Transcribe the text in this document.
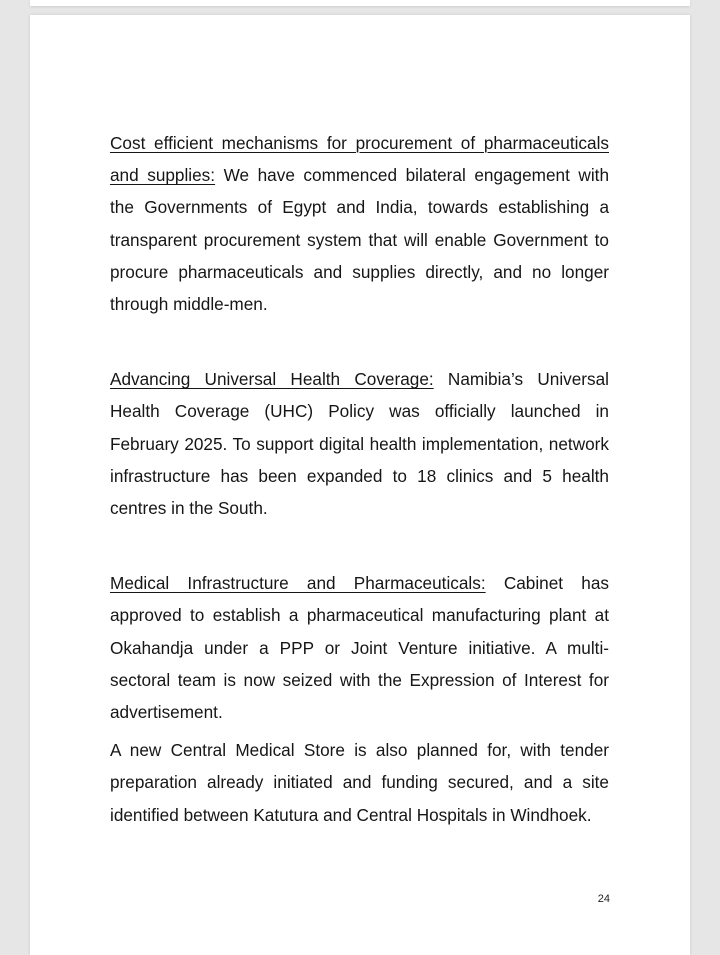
Cost efficient mechanisms for procurement of pharmaceuticals and supplies: We have commenced bilateral engagement with the Governments of Egypt and India, towards establishing a transparent procurement system that will enable Government to procure pharmaceuticals and supplies directly, and no longer through middle-men.

Advancing Universal Health Coverage: Namibia’s Universal Health Coverage (UHC) Policy was officially launched in February 2025. To support digital health implementation, network infrastructure has been expanded to 18 clinics and 5 health centres in the South.

Medical Infrastructure and Pharmaceuticals: Cabinet has approved to establish a pharmaceutical manufacturing plant at Okahandja under a PPP or Joint Venture initiative. A multi-sectoral team is now seized with the Expression of Interest for advertisement.

A new Central Medical Store is also planned for, with tender preparation already initiated and funding secured, and a site identified between Katutura and Central Hospitals in Windhoek.

24
